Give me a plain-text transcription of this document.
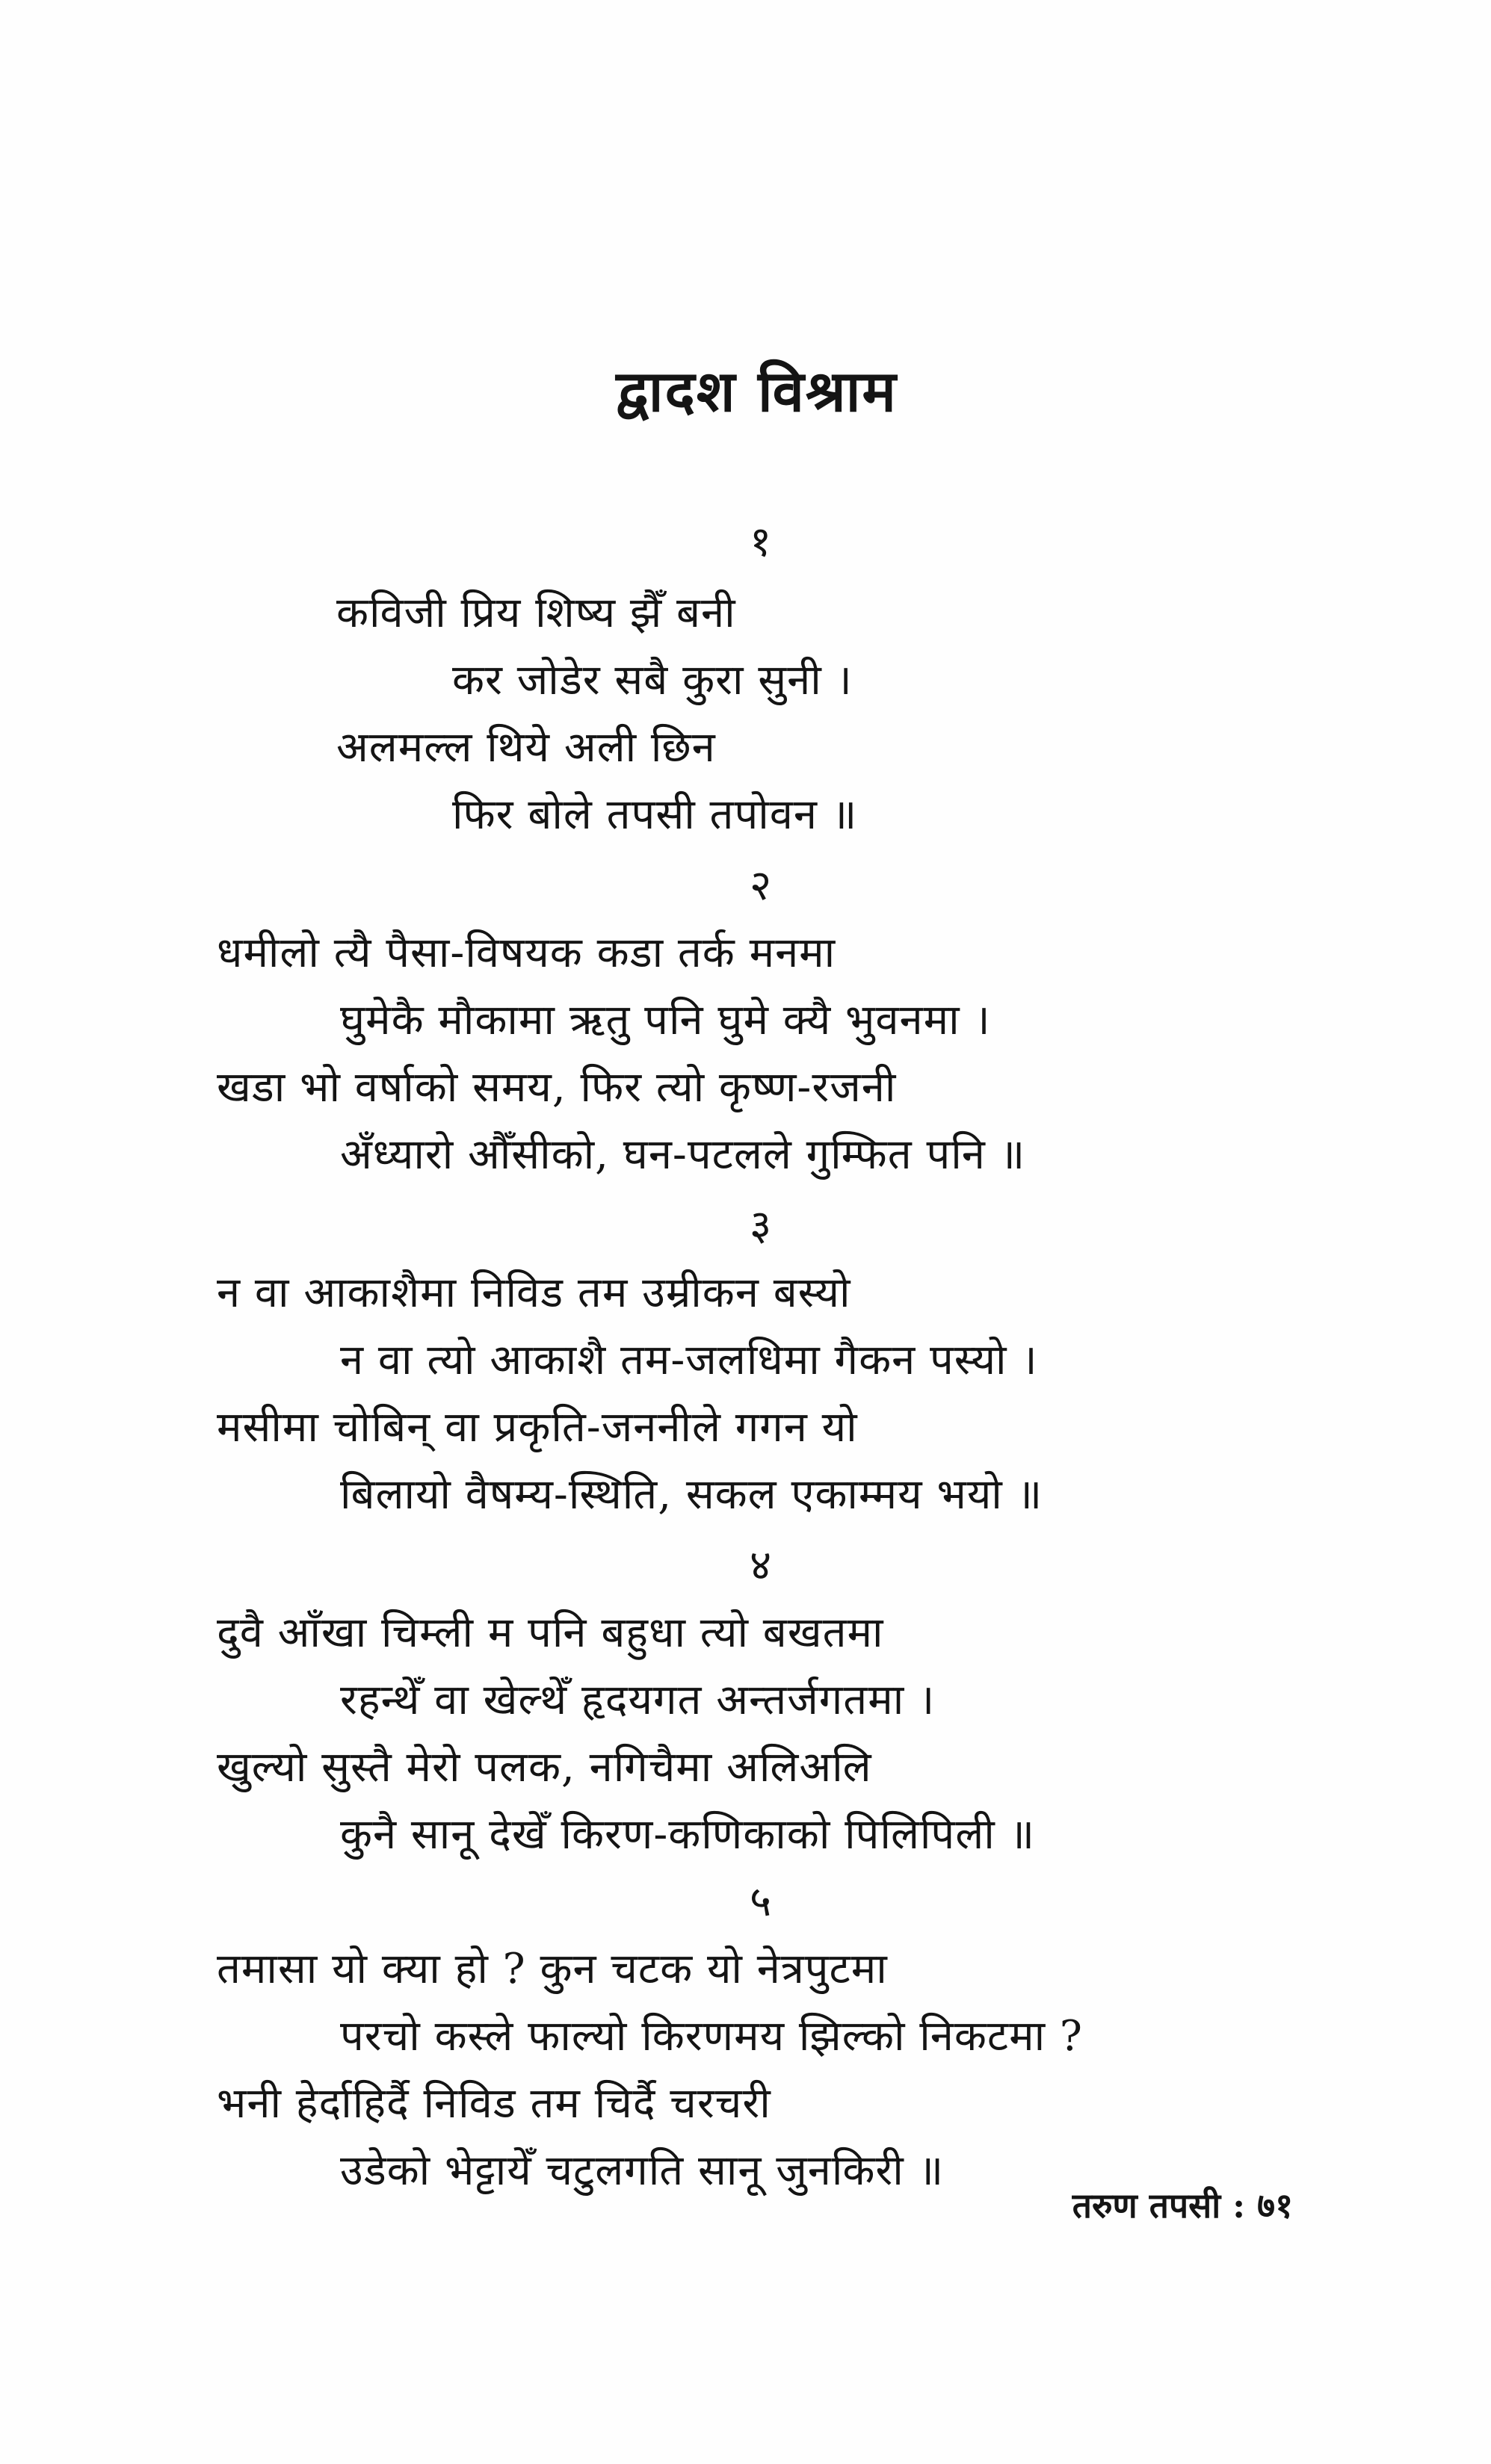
द्वादश विश्राम
१
कविजी प्रिय शिष्य झैँ बनी
कर जोडेर सबै कुरा सुनी ।
अलमल्ल थिये अली छिन
फिर बोले तपसी तपोवन ॥
२
धमीलो त्यै पैसा-विषयक कडा तर्क मनमा
घुमेकै मौकामा ऋतु पनि घुमे क्यै भुवनमा ।
खडा भो वर्षाको समय, फिर त्यो कृष्ण-रजनी
अँध्यारो औँसीको, घन-पटलले गुम्फित पनि ॥
३
न वा आकाशैमा निविड तम उम्रीकन बस्यो
न वा त्यो आकाशै तम-जलधिमा गैकन पस्यो ।
मसीमा चोबिन् वा प्रकृति-जननीले गगन यो
बिलायो वैषम्य-स्थिति, सकल एकाम्मय भयो ॥
४
दुवै आँखा चिम्ली म पनि बहुधा त्यो बखतमा
रहन्थेँ वा खेल्थेँ हृदयगत अन्तर्जगतमा ।
खुल्यो सुस्तै मेरो पलक, नगिचैमा अलिअलि
कुनै सानू देखेँ किरण-कणिकाको पिलिपिली ॥
५
तमासा यो क्या हो ? कुन चटक यो नेत्रपुटमा
परचो कस्ले फाल्यो किरणमय झिल्को निकटमा ?
भनी हेर्दाहिर्दै निविड तम चिर्दै चरचरी
उडेको भेट्टायेँ चटुलगति सानू जुनकिरी ॥
तरुण तपसी : ७१
